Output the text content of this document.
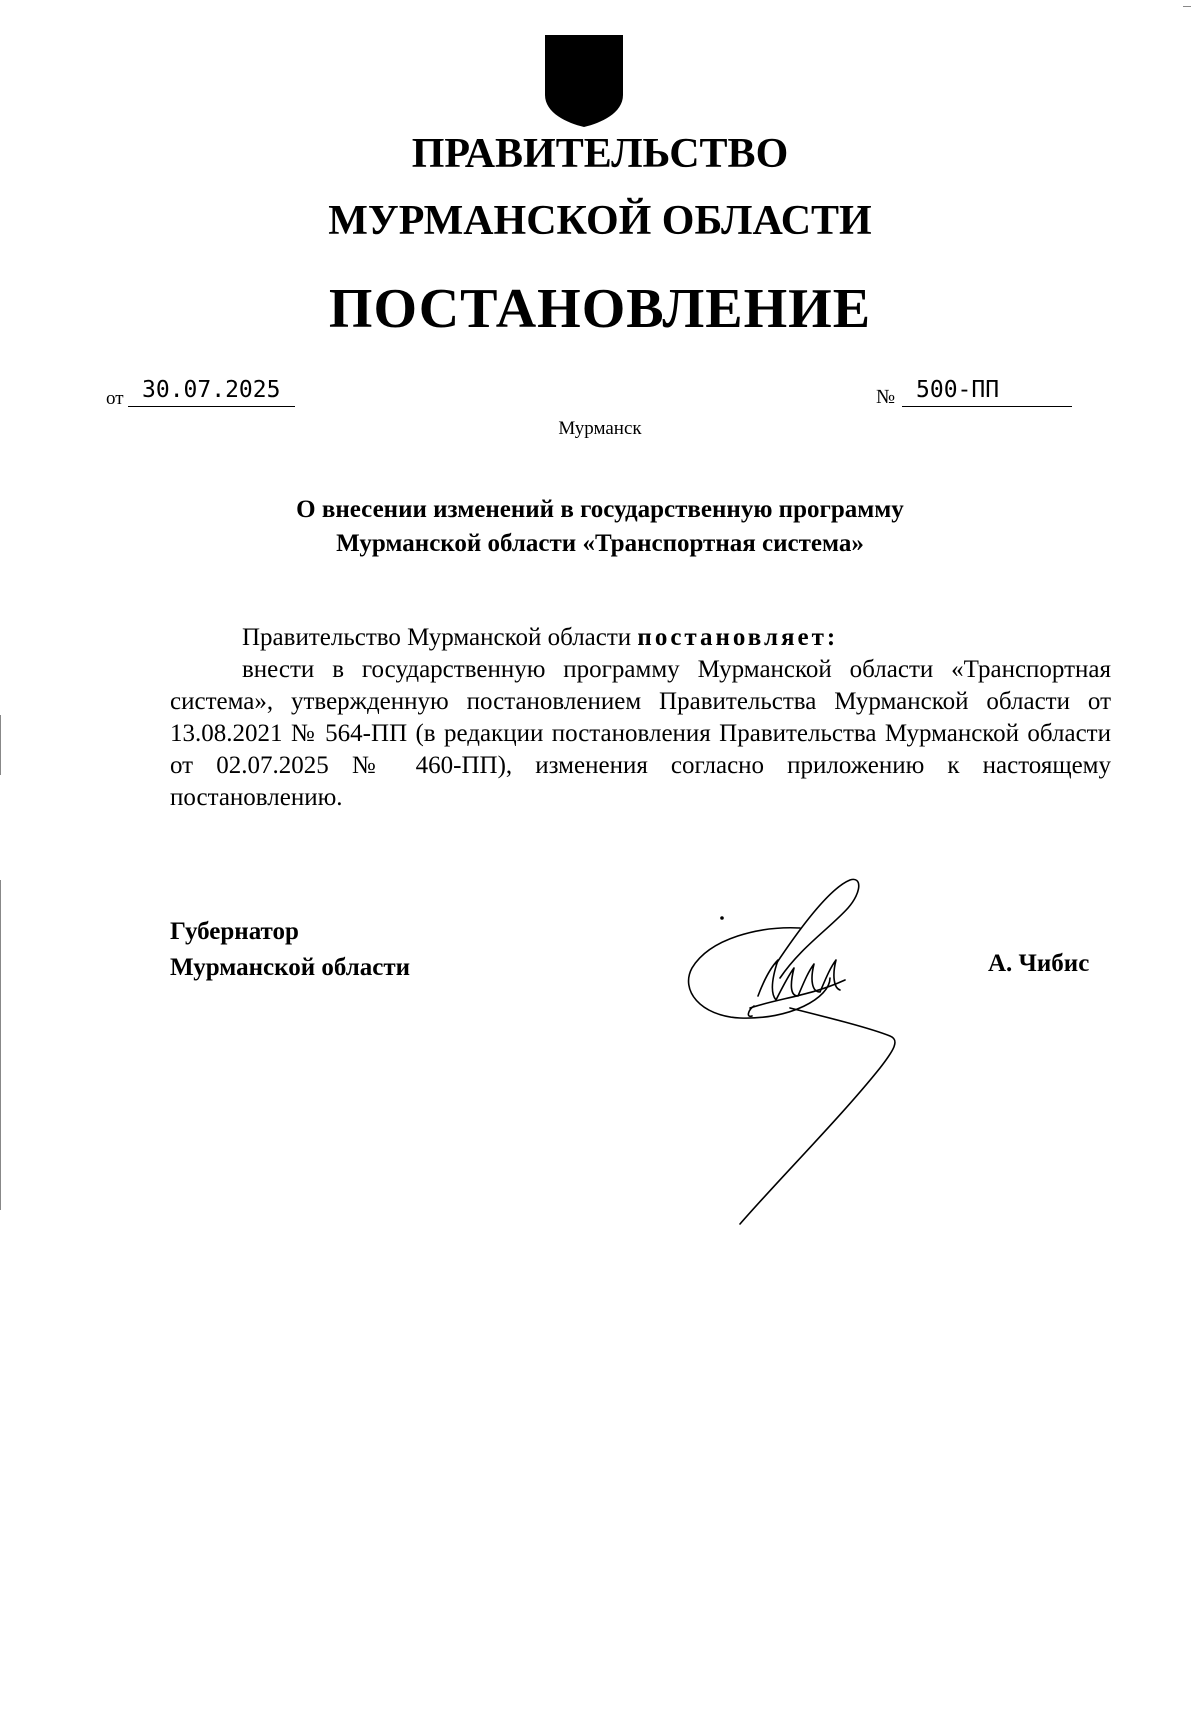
ПРАВИТЕЛЬСТВО
МУРМАНСКОЙ ОБЛАСТИ
ПОСТАНОВЛЕНИЕ
от 30.07.2025	№ 500-ПП
Мурманск
О внесении изменений в государственную программу
Мурманской области «Транспортная система»

Правительство Мурманской области постановляет:

внести в государственную программу Мурманской области «Транспортная система», утвержденную постановлением Правительства Мурманской области от 13.08.2021 № 564-ПП (в редакции постановления Правительства Мурманской области от 02.07.2025 № 460-ПП), изменения согласно приложению к настоящему постановлению.

Губернатор
Мурманской области	А. Чибис
